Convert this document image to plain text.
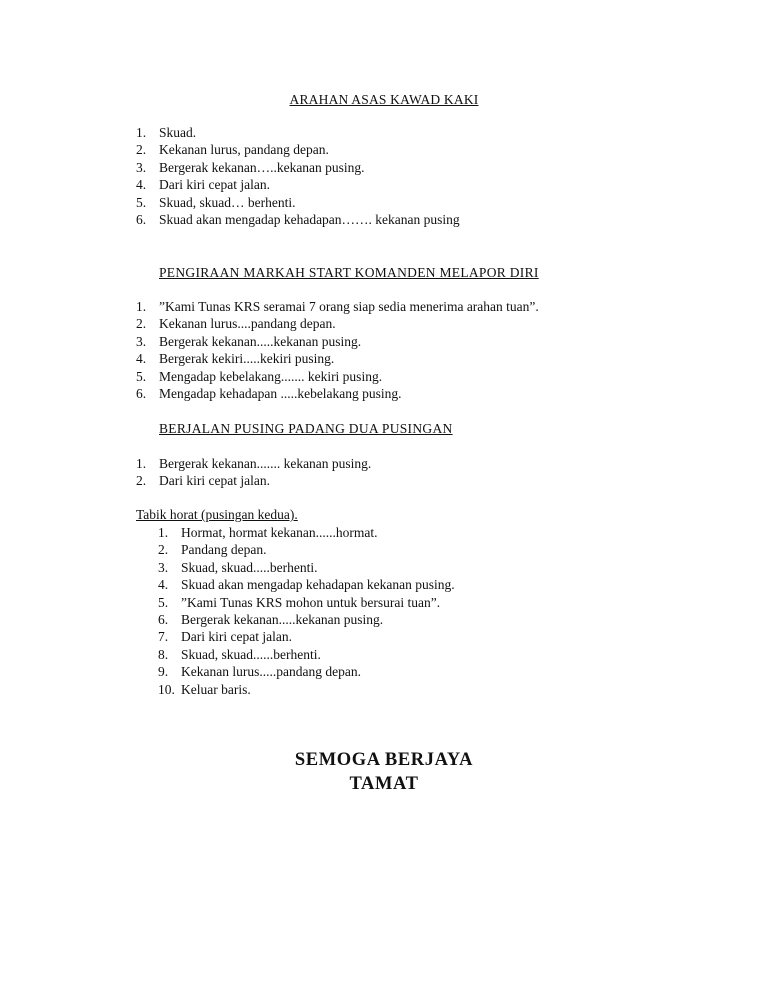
ARAHAN ASAS KAWAD KAKI
1. Skuad.
2. Kekanan lurus, pandang depan.
3. Bergerak kekanan…..kekanan pusing.
4. Dari kiri cepat jalan.
5. Skuad, skuad… berhenti.
6. Skuad akan mengadap kehadapan……. kekanan pusing
PENGIRAAN MARKAH START KOMANDEN MELAPOR DIRI
1. ”Kami Tunas KRS seramai 7 orang siap sedia menerima arahan tuan”.
2. Kekanan lurus....pandang depan.
3. Bergerak kekanan.....kekanan pusing.
4. Bergerak kekiri.....kekiri pusing.
5. Mengadap kebelakang....... kekiri pusing.
6. Mengadap kehadapan .....kebelakang pusing.
BERJALAN PUSING PADANG DUA PUSINGAN
1. Bergerak kekanan....... kekanan pusing.
2. Dari kiri cepat jalan.

Tabik horat (pusingan kedua).

1. Hormat, hormat kekanan......hormat.
2. Pandang depan.
3. Skuad, skuad.....berhenti.
4. Skuad akan mengadap kehadapan kekanan pusing.
5. ”Kami Tunas KRS mohon untuk bersurai tuan”.
6. Bergerak kekanan.....kekanan pusing.
7. Dari kiri cepat jalan.
8. Skuad, skuad......berhenti.
9. Kekanan lurus.....pandang depan.
10. Keluar baris.

SEMOGA BERJAYA

TAMAT
